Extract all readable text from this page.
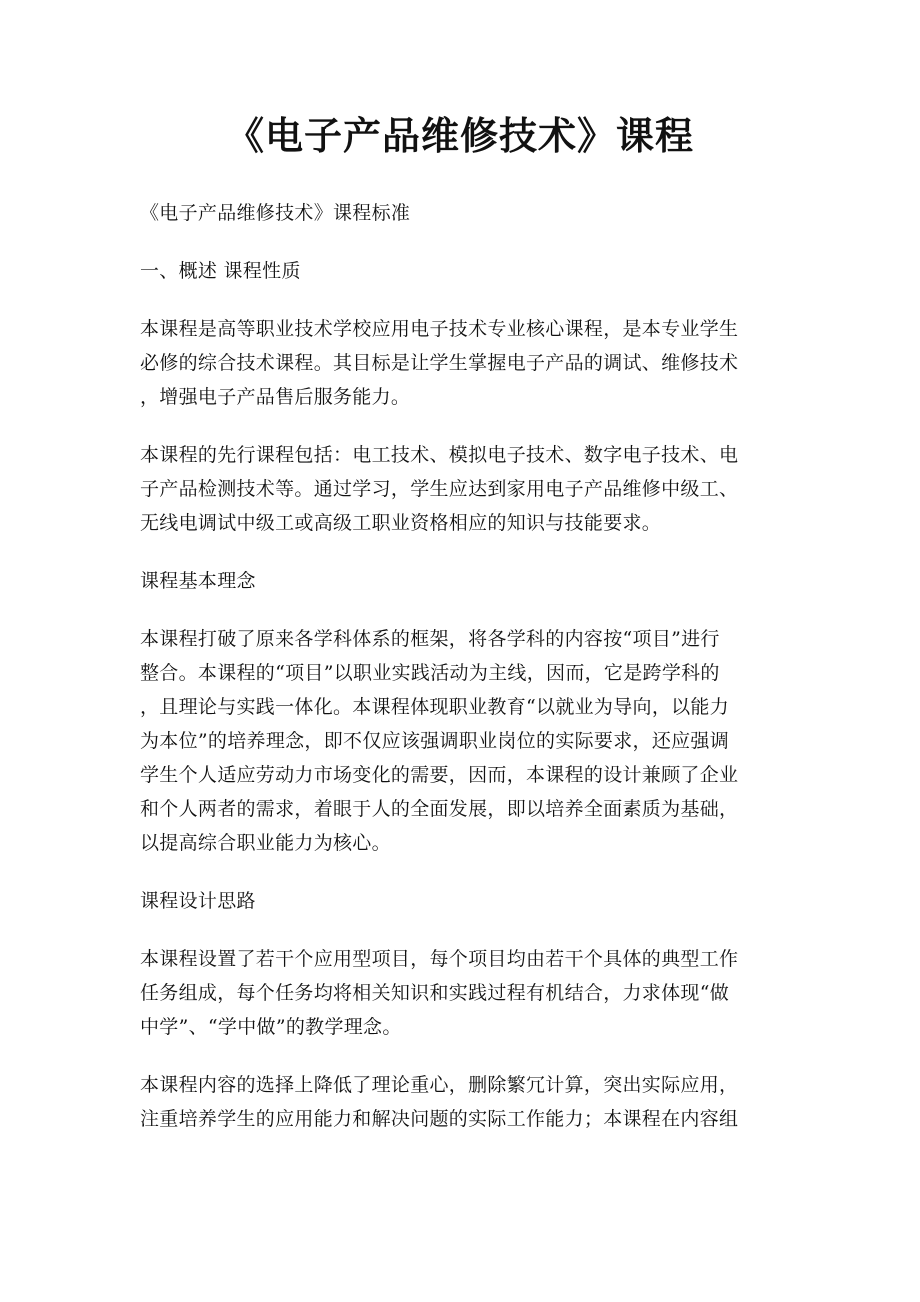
《电子产品维修技术》课程
《电子产品维修技术》课程标准
一、概述 课程性质
本课程是高等职业技术学校应用电子技术专业核心课程，是本专业学生
必修的综合技术课程。其目标是让学生掌握电子产品的调试、维修技术
，增强电子产品售后服务能力。
本课程的先行课程包括：电工技术、模拟电子技术、数字电子技术、电
子产品检测技术等。通过学习，学生应达到家用电子产品维修中级工、
无线电调试中级工或高级工职业资格相应的知识与技能要求。
课程基本理念
本课程打破了原来各学科体系的框架，将各学科的内容按“项目”进行
整合。本课程的“项目”以职业实践活动为主线，因而，它是跨学科的
，且理论与实践一体化。本课程体现职业教育“以就业为导向，以能力
为本位”的培养理念，即不仅应该强调职业岗位的实际要求，还应强调
学生个人适应劳动力市场变化的需要，因而，本课程的设计兼顾了企业
和个人两者的需求，着眼于人的全面发展，即以培养全面素质为基础，
以提高综合职业能力为核心。
课程设计思路
本课程设置了若干个应用型项目，每个项目均由若干个具体的典型工作
任务组成，每个任务均将相关知识和实践过程有机结合，力求体现“做
中学”、“学中做”的教学理念。
本课程内容的选择上降低了理论重心，删除繁冗计算，突出实际应用，
注重培养学生的应用能力和解决问题的实际工作能力；本课程在内容组
